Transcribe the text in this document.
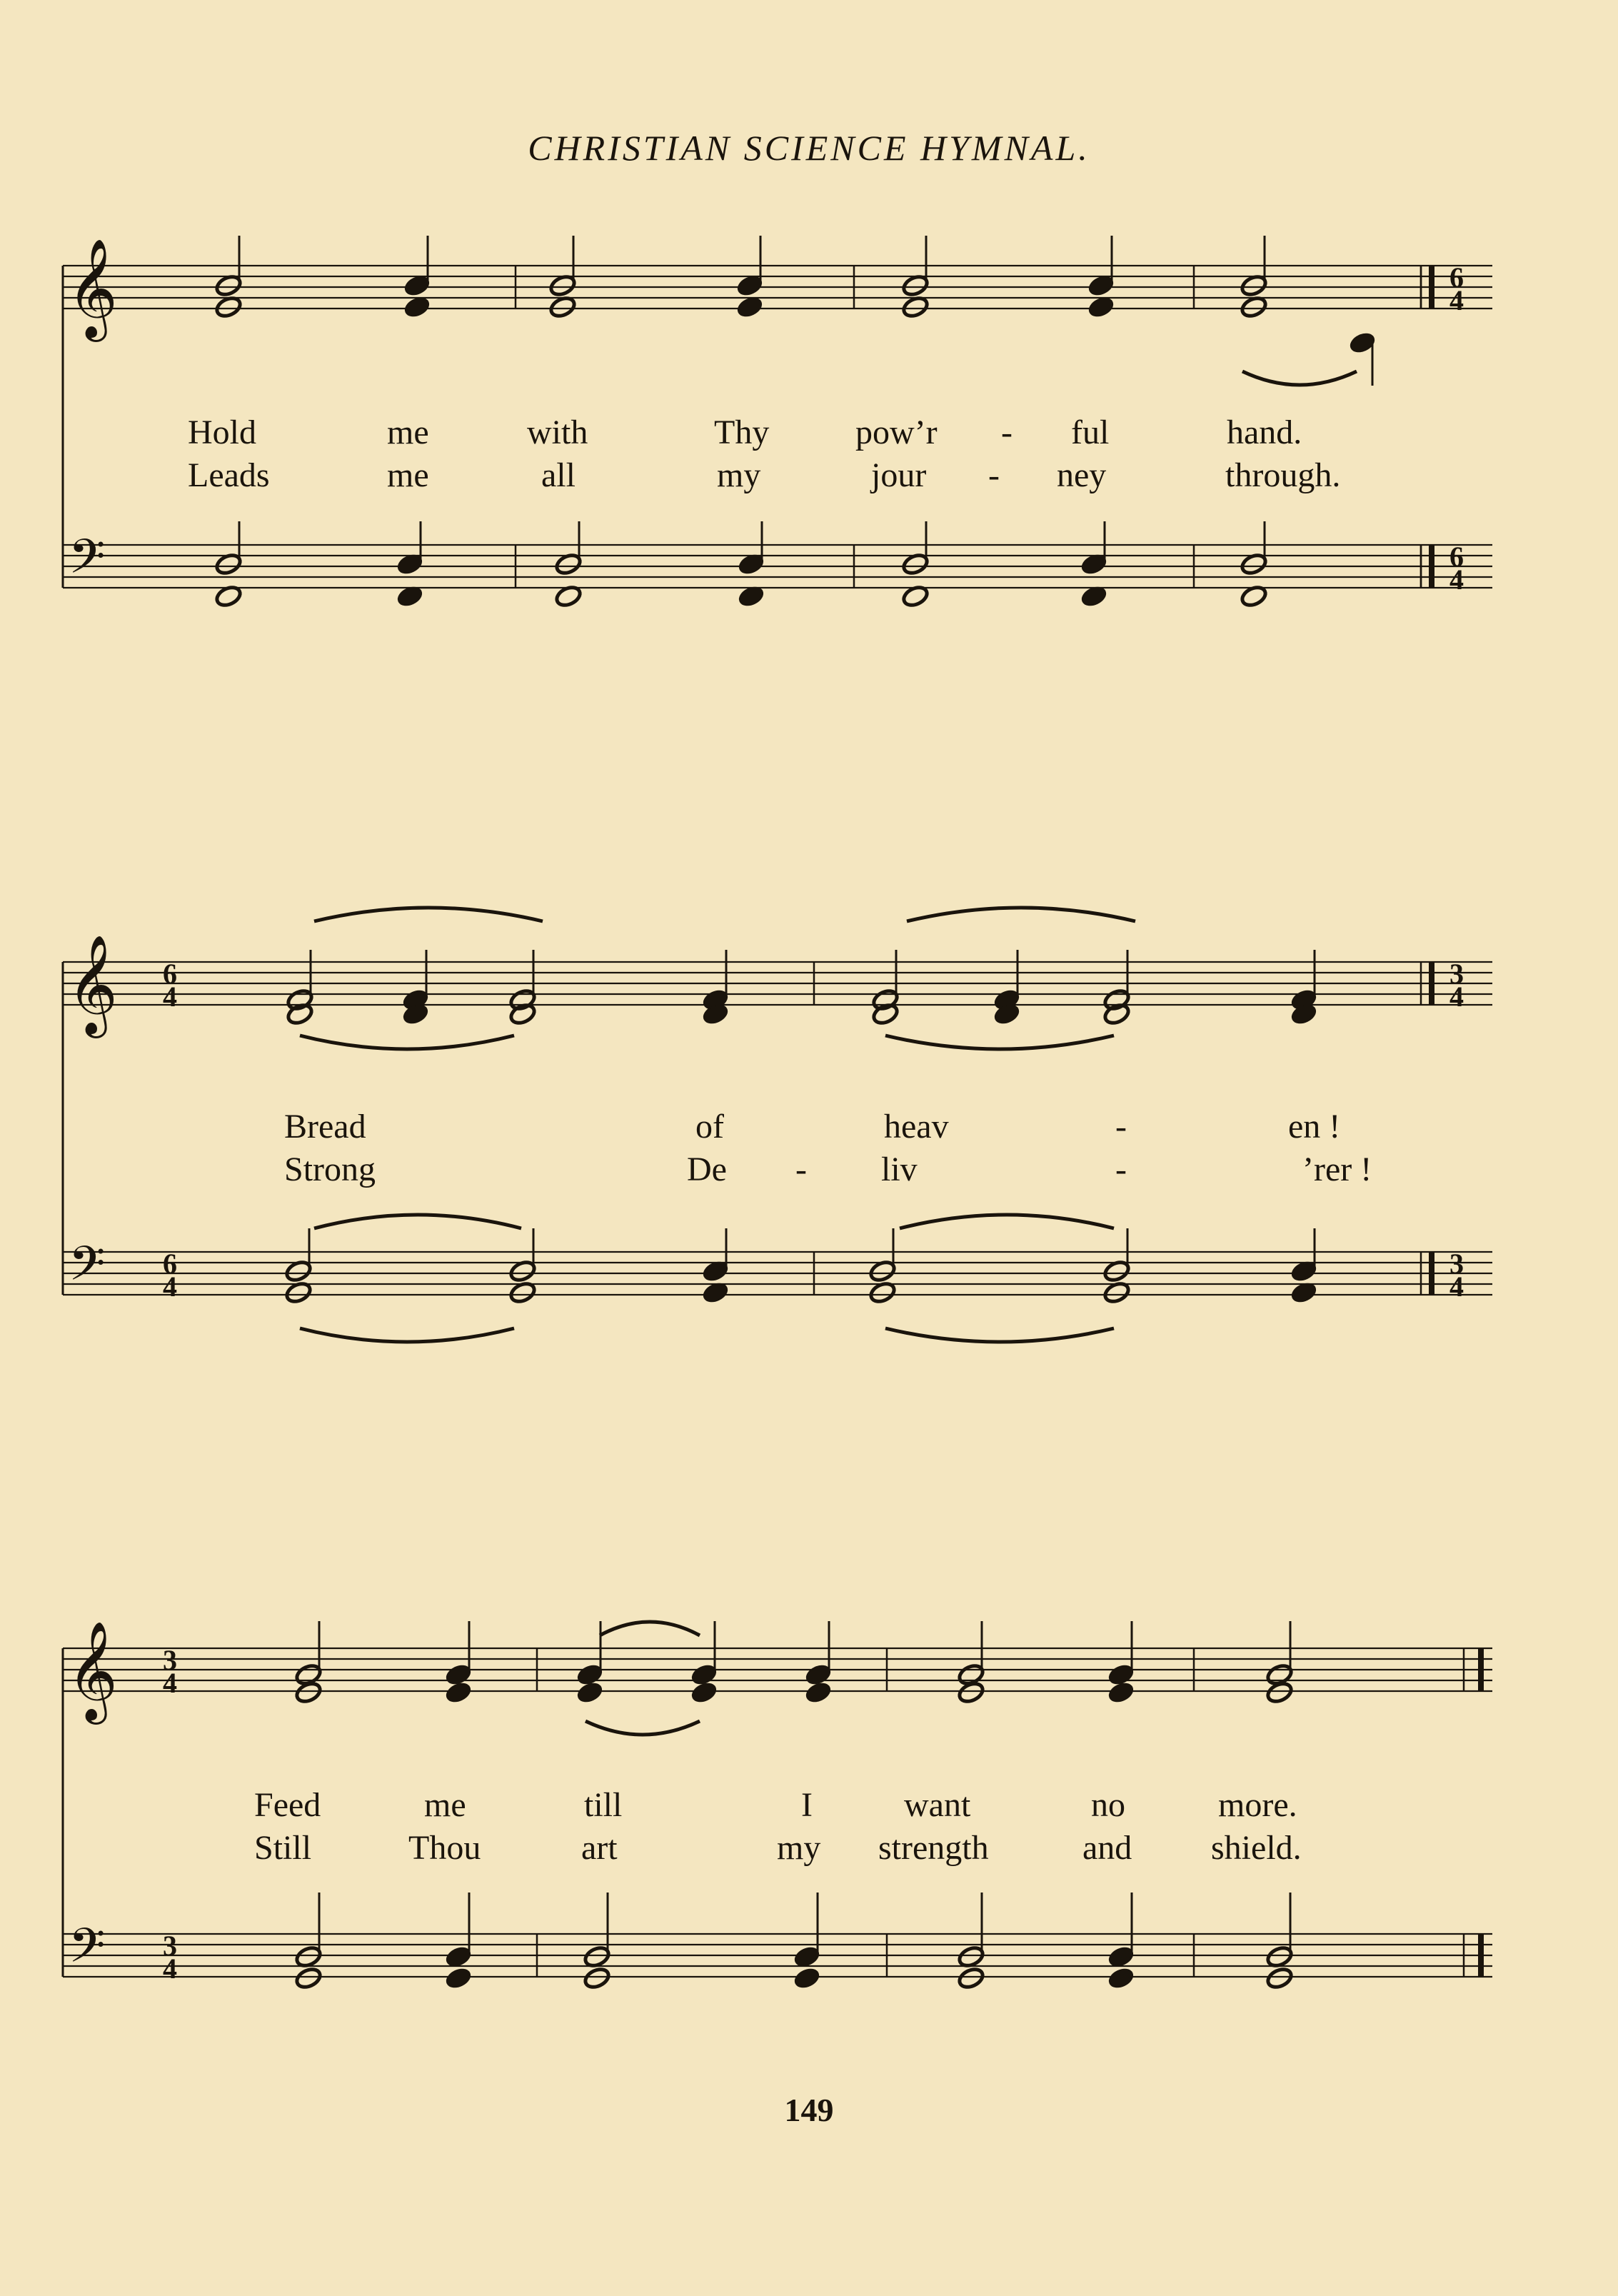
CHRISTIAN SCIENCE HYMNAL.
𝄞
𝄢
6
4
6
4
𝄞
𝄢
6
4
6
4
3
4
3
4
𝄞
𝄢
3
4
3
4
Hold	me	with	Thy	pow’r - ful	hand.
Leads	me	all	my	jour - ney	through.
Bread	of	heav	-	en !
Strong	De - liv	-	’rer !
Feed	me	till	I	want	no	more.
Still	Thou	art	my strength	and shield.
149
